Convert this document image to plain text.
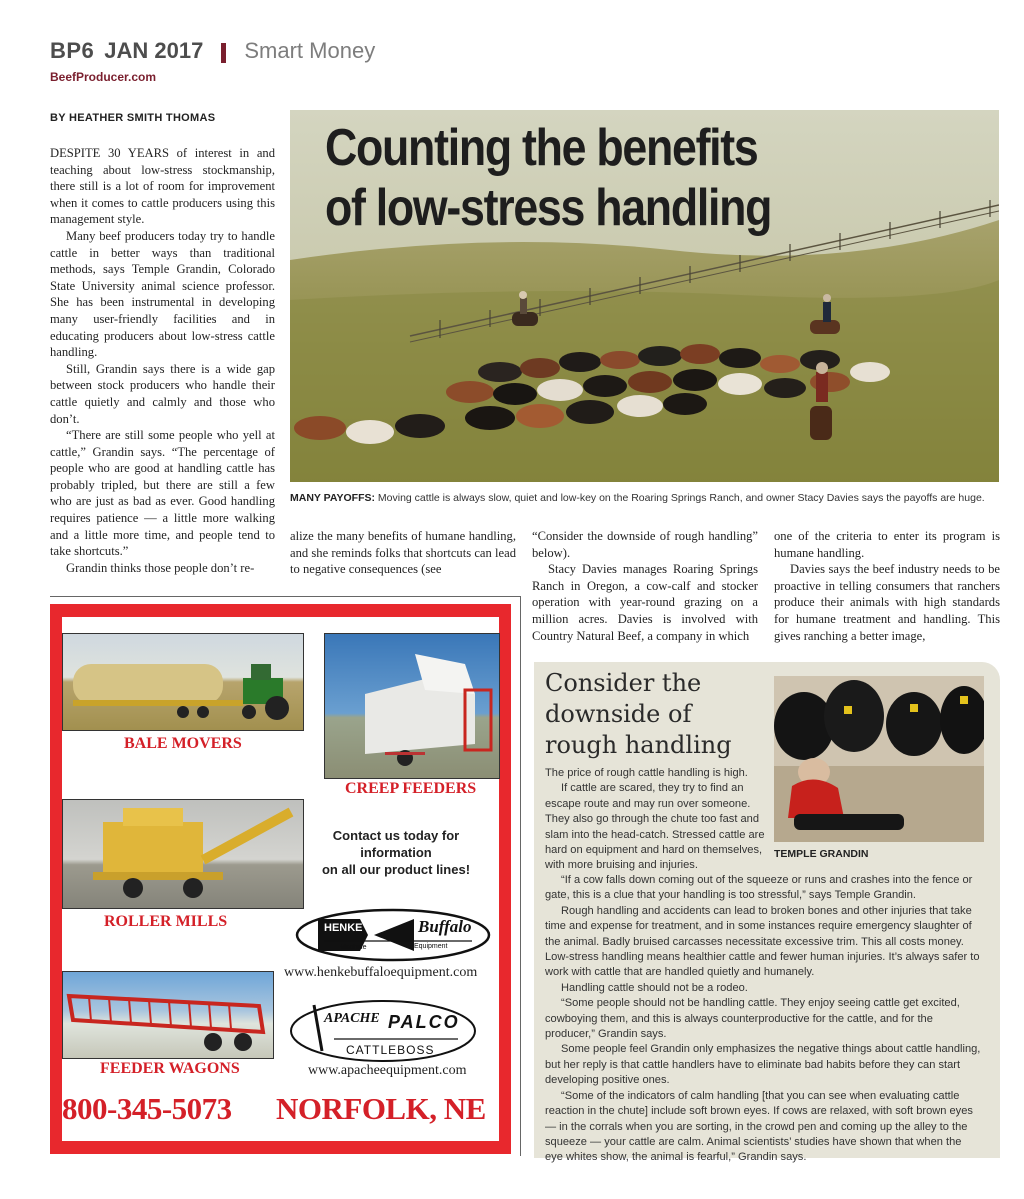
BP6 JAN 2017 Smart Money
BeefProducer.com
BY HEATHER SMITH THOMAS

DESPITE 30 YEARS of interest in and teaching about low-stress stockmanship, there still is a lot of room for improvement when it comes to cattle producers using this management style.

Many beef producers today try to handle cattle in better ways than traditional methods, says Temple Grandin, Colorado State University animal science professor. She has been instrumental in developing many user-friendly facilities and in educating producers about low-stress cattle handling.

Still, Grandin says there is a wide gap between stock producers who handle their cattle quietly and calmly and those who don’t.

“There are still some people who yell at cattle,” Grandin says. “The percentage of people who are good at handling cattle has probably tripled, but there are still a few who are just as bad as ever. Good handling requires patience — a little more walking and a little more time, and people tend to take shortcuts.”

Grandin thinks those people don’t re-

Counting the benefits
of low-stress handling
MANY PAYOFFS: Moving cattle is always slow, quiet and low-key on the Roaring Springs Ranch, and owner Stacy Davies says the payoffs are huge.

alize the many benefits of humane handling, and she reminds folks that shortcuts can lead to negative consequences (see

“Consider the downside of rough handling” below).

Stacy Davies manages Roaring Springs Ranch in Oregon, a cow-calf and stocker operation with year-round grazing on a million acres. Davies is involved with Country Natural Beef, a company in which

one of the criteria to enter its program is humane handling.

Davies says the beef industry needs to be proactive in telling consumers that ranchers produce their animals with high standards for humane treatment and handling. This gives ranching a better image,

BALE MOVERS
CREEP FEEDERS
ROLLER MILLS
Contact us today for information
on all our product lines!
HENKE	Buffalo
Machine	Equipment
www.henkebuffaloequipment.com
APACHE PALCO
CATTLEBOSS
www.apacheequipment.com
FEEDER WAGONS
800-345-5073 NORFOLK, NE
Consider the downside of rough handling
TEMPLE GRANDIN

The price of rough cattle handling is high.

If cattle are scared, they try to find an escape route and may run over someone. They also go through the chute too fast and slam into the head-catch. Stressed cattle are hard on equipment and hard on themselves, with more bruising and injuries.

“If a cow falls down coming out of the squeeze or runs and crashes into the fence or gate, this is a clue that your handling is too stressful,” says Temple Grandin.

Rough handling and accidents can lead to broken bones and other injuries that take time and expense for treatment, and in some instances require emergency slaughter of the animal. Badly bruised carcasses necessitate excessive trim. This all costs money. Low-stress handling means healthier cattle and fewer human injuries. It’s always safer to work with cattle that are handled quietly and humanely.

Handling cattle should not be a rodeo.

“Some people should not be handling cattle. They enjoy seeing cattle get excited, cowboying them, and this is always counterproductive for the cattle, and for the producer,” Grandin says.

Some people feel Grandin only emphasizes the negative things about cattle handling, but her reply is that cattle handlers have to eliminate bad habits before they can start developing positive ones.

“Some of the indicators of calm handling [that you can see when evaluating cattle reaction in the chute] include soft brown eyes. If cows are relaxed, with soft brown eyes — in the corrals when you are sorting, in the crowd pen and coming up the alley to the squeeze — your cattle are calm. Animal scientists’ studies have shown that when the eye whites show, the animal is fearful,” Grandin says.
